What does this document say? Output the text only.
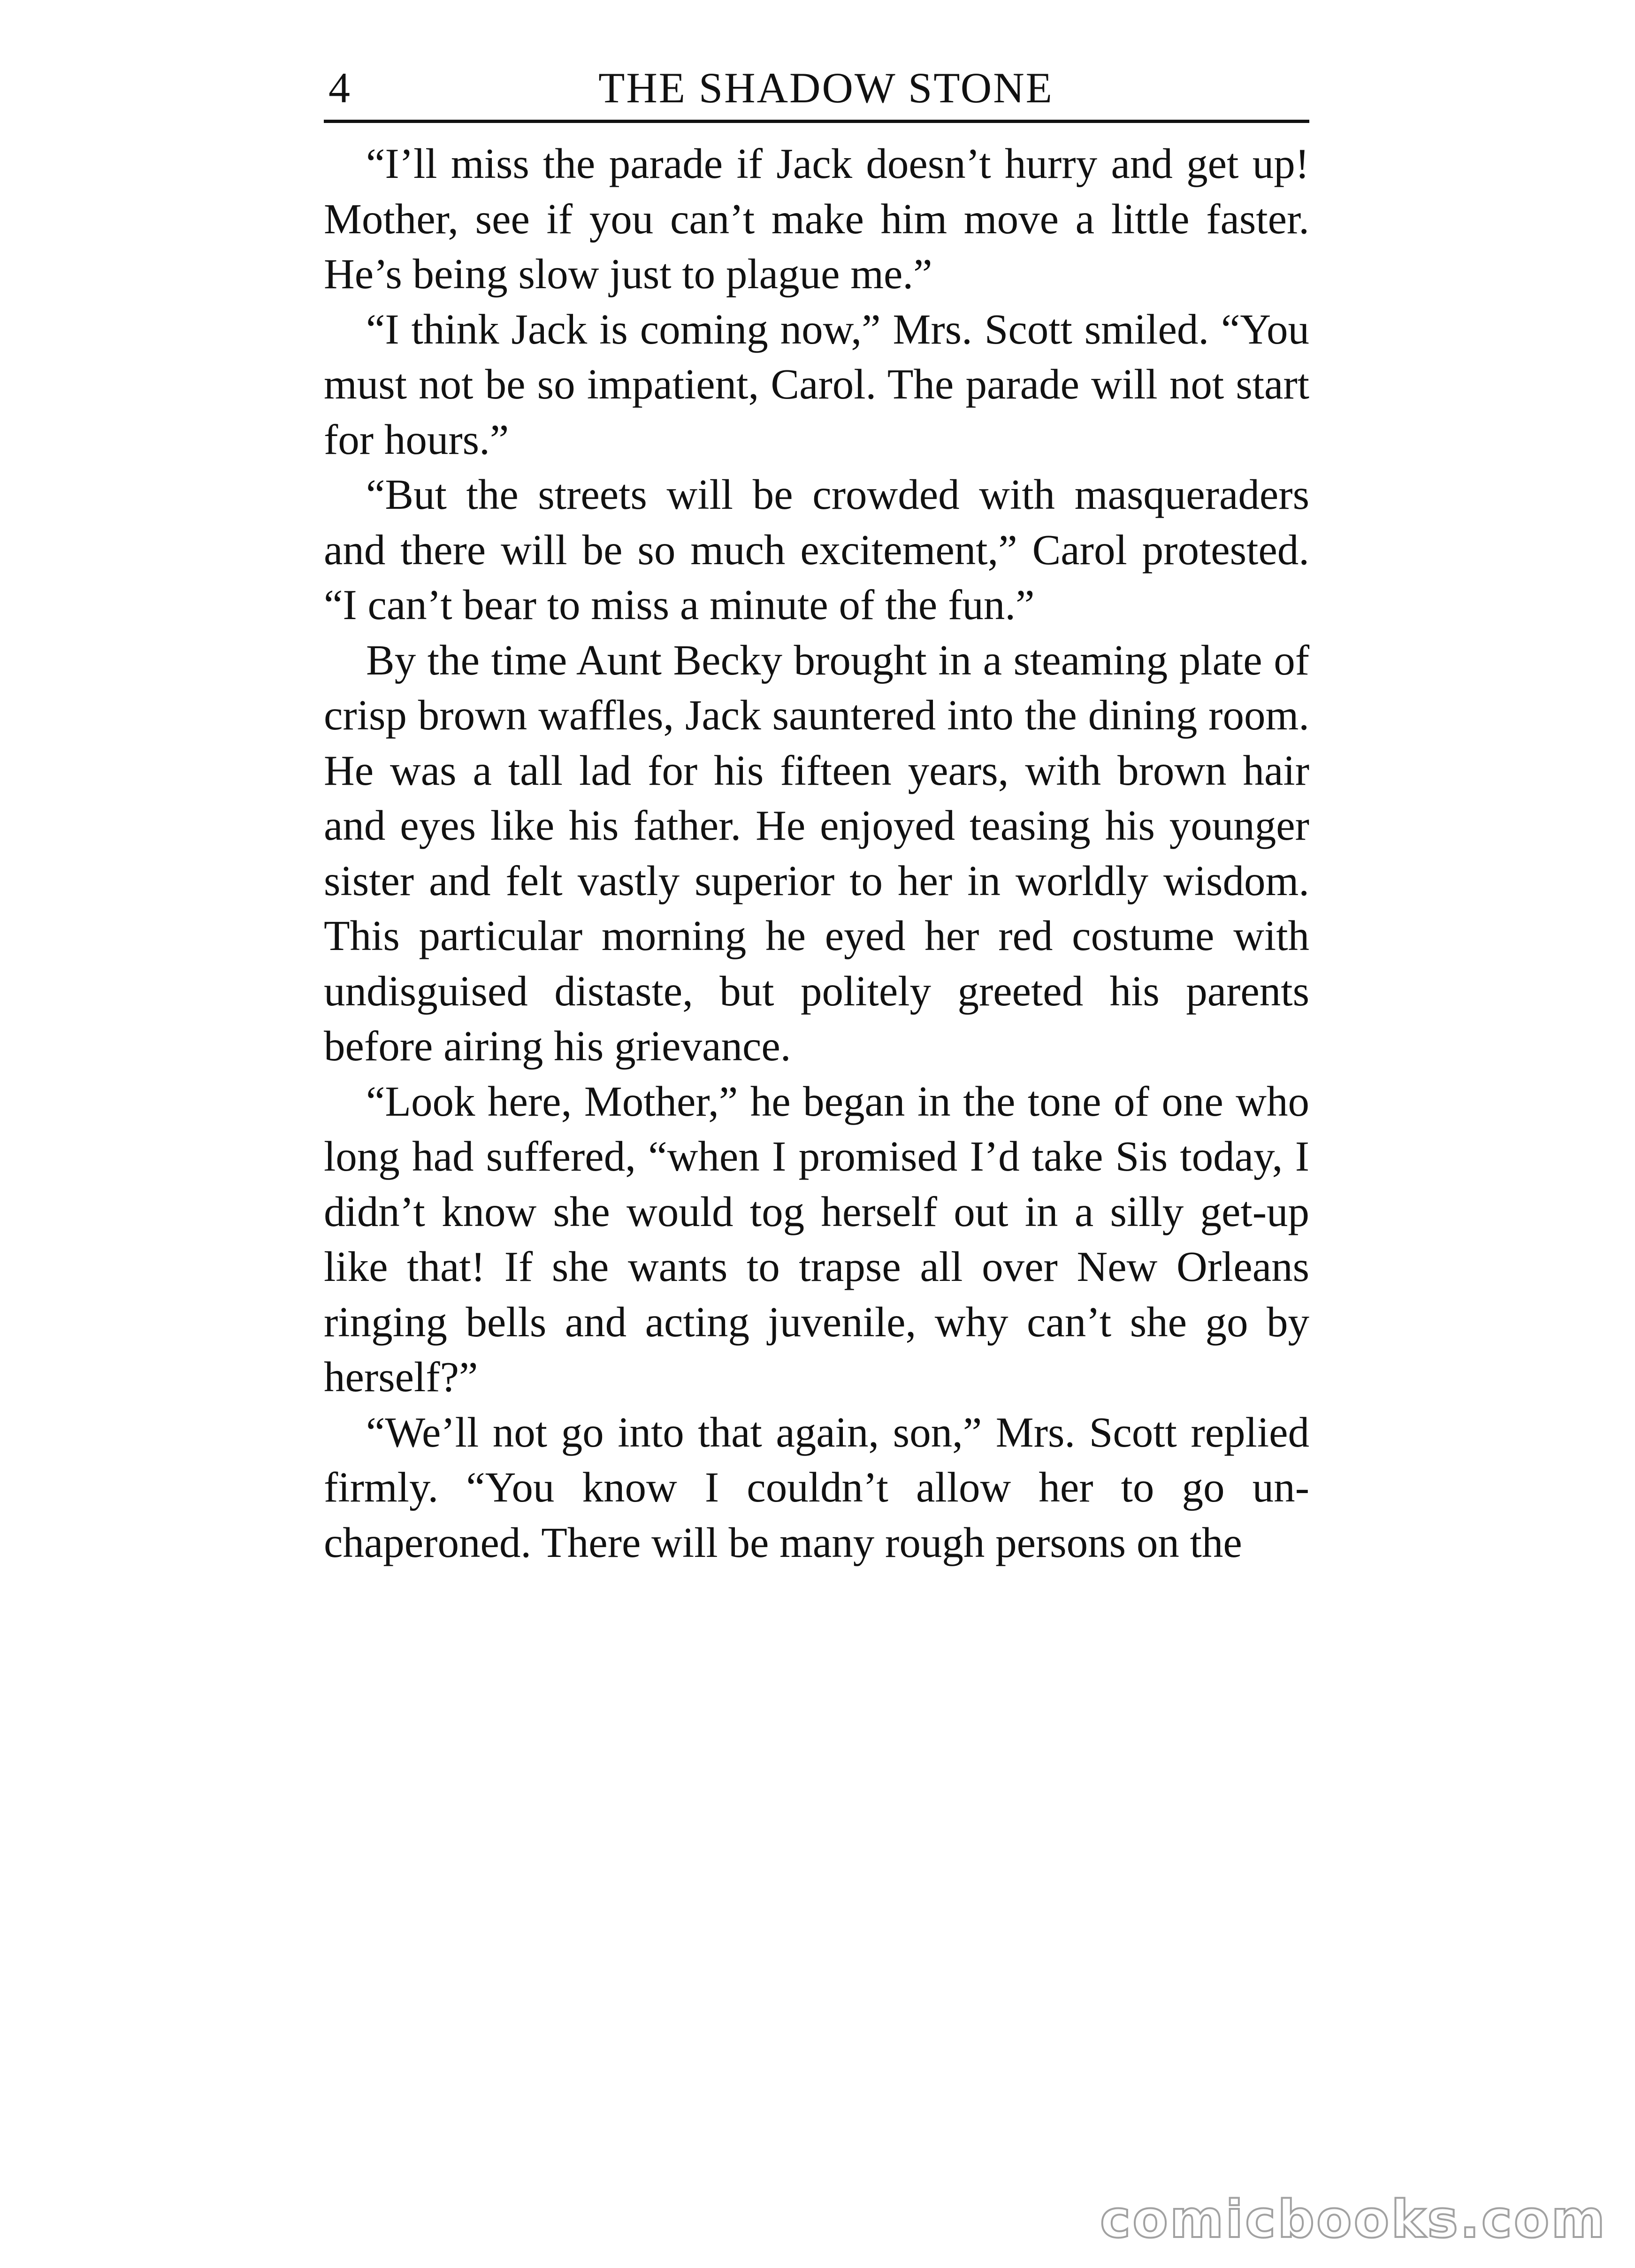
4	THE SHADOW STONE

“I’ll miss the parade if Jack doesn’t hurry and get up! Mother, see if you can’t make him move a little faster. He’s being slow just to plague me.”

“I think Jack is coming now,” Mrs. Scott smiled. “You must not be so impatient, Carol. The parade will not start for hours.”

“But the streets will be crowded with masqueraders and there will be so much excitement,” Carol protested. “I can’t bear to miss a minute of the fun.”

By the time Aunt Becky brought in a steaming plate of crisp brown waffles, Jack sauntered into the dining room. He was a tall lad for his fifteen years, with brown hair and eyes like his father. He enjoyed teasing his younger sister and felt vastly superior to her in worldly wisdom. This particular morning he eyed her red costume with undisguised distaste, but politely greeted his parents before airing his grievance.

“Look here, Mother,” he began in the tone of one who long had suffered, “when I promised I’d take Sis today, I didn’t know she would tog herself out in a silly get-up like that! If she wants to trapse all over New Orleans ringing bells and acting juvenile, why can’t she go by herself?”

“We’ll not go into that again, son,” Mrs. Scott replied firmly. “You know I couldn’t allow her to go unchaperoned. There will be many rough persons on the

comicbooks.com
